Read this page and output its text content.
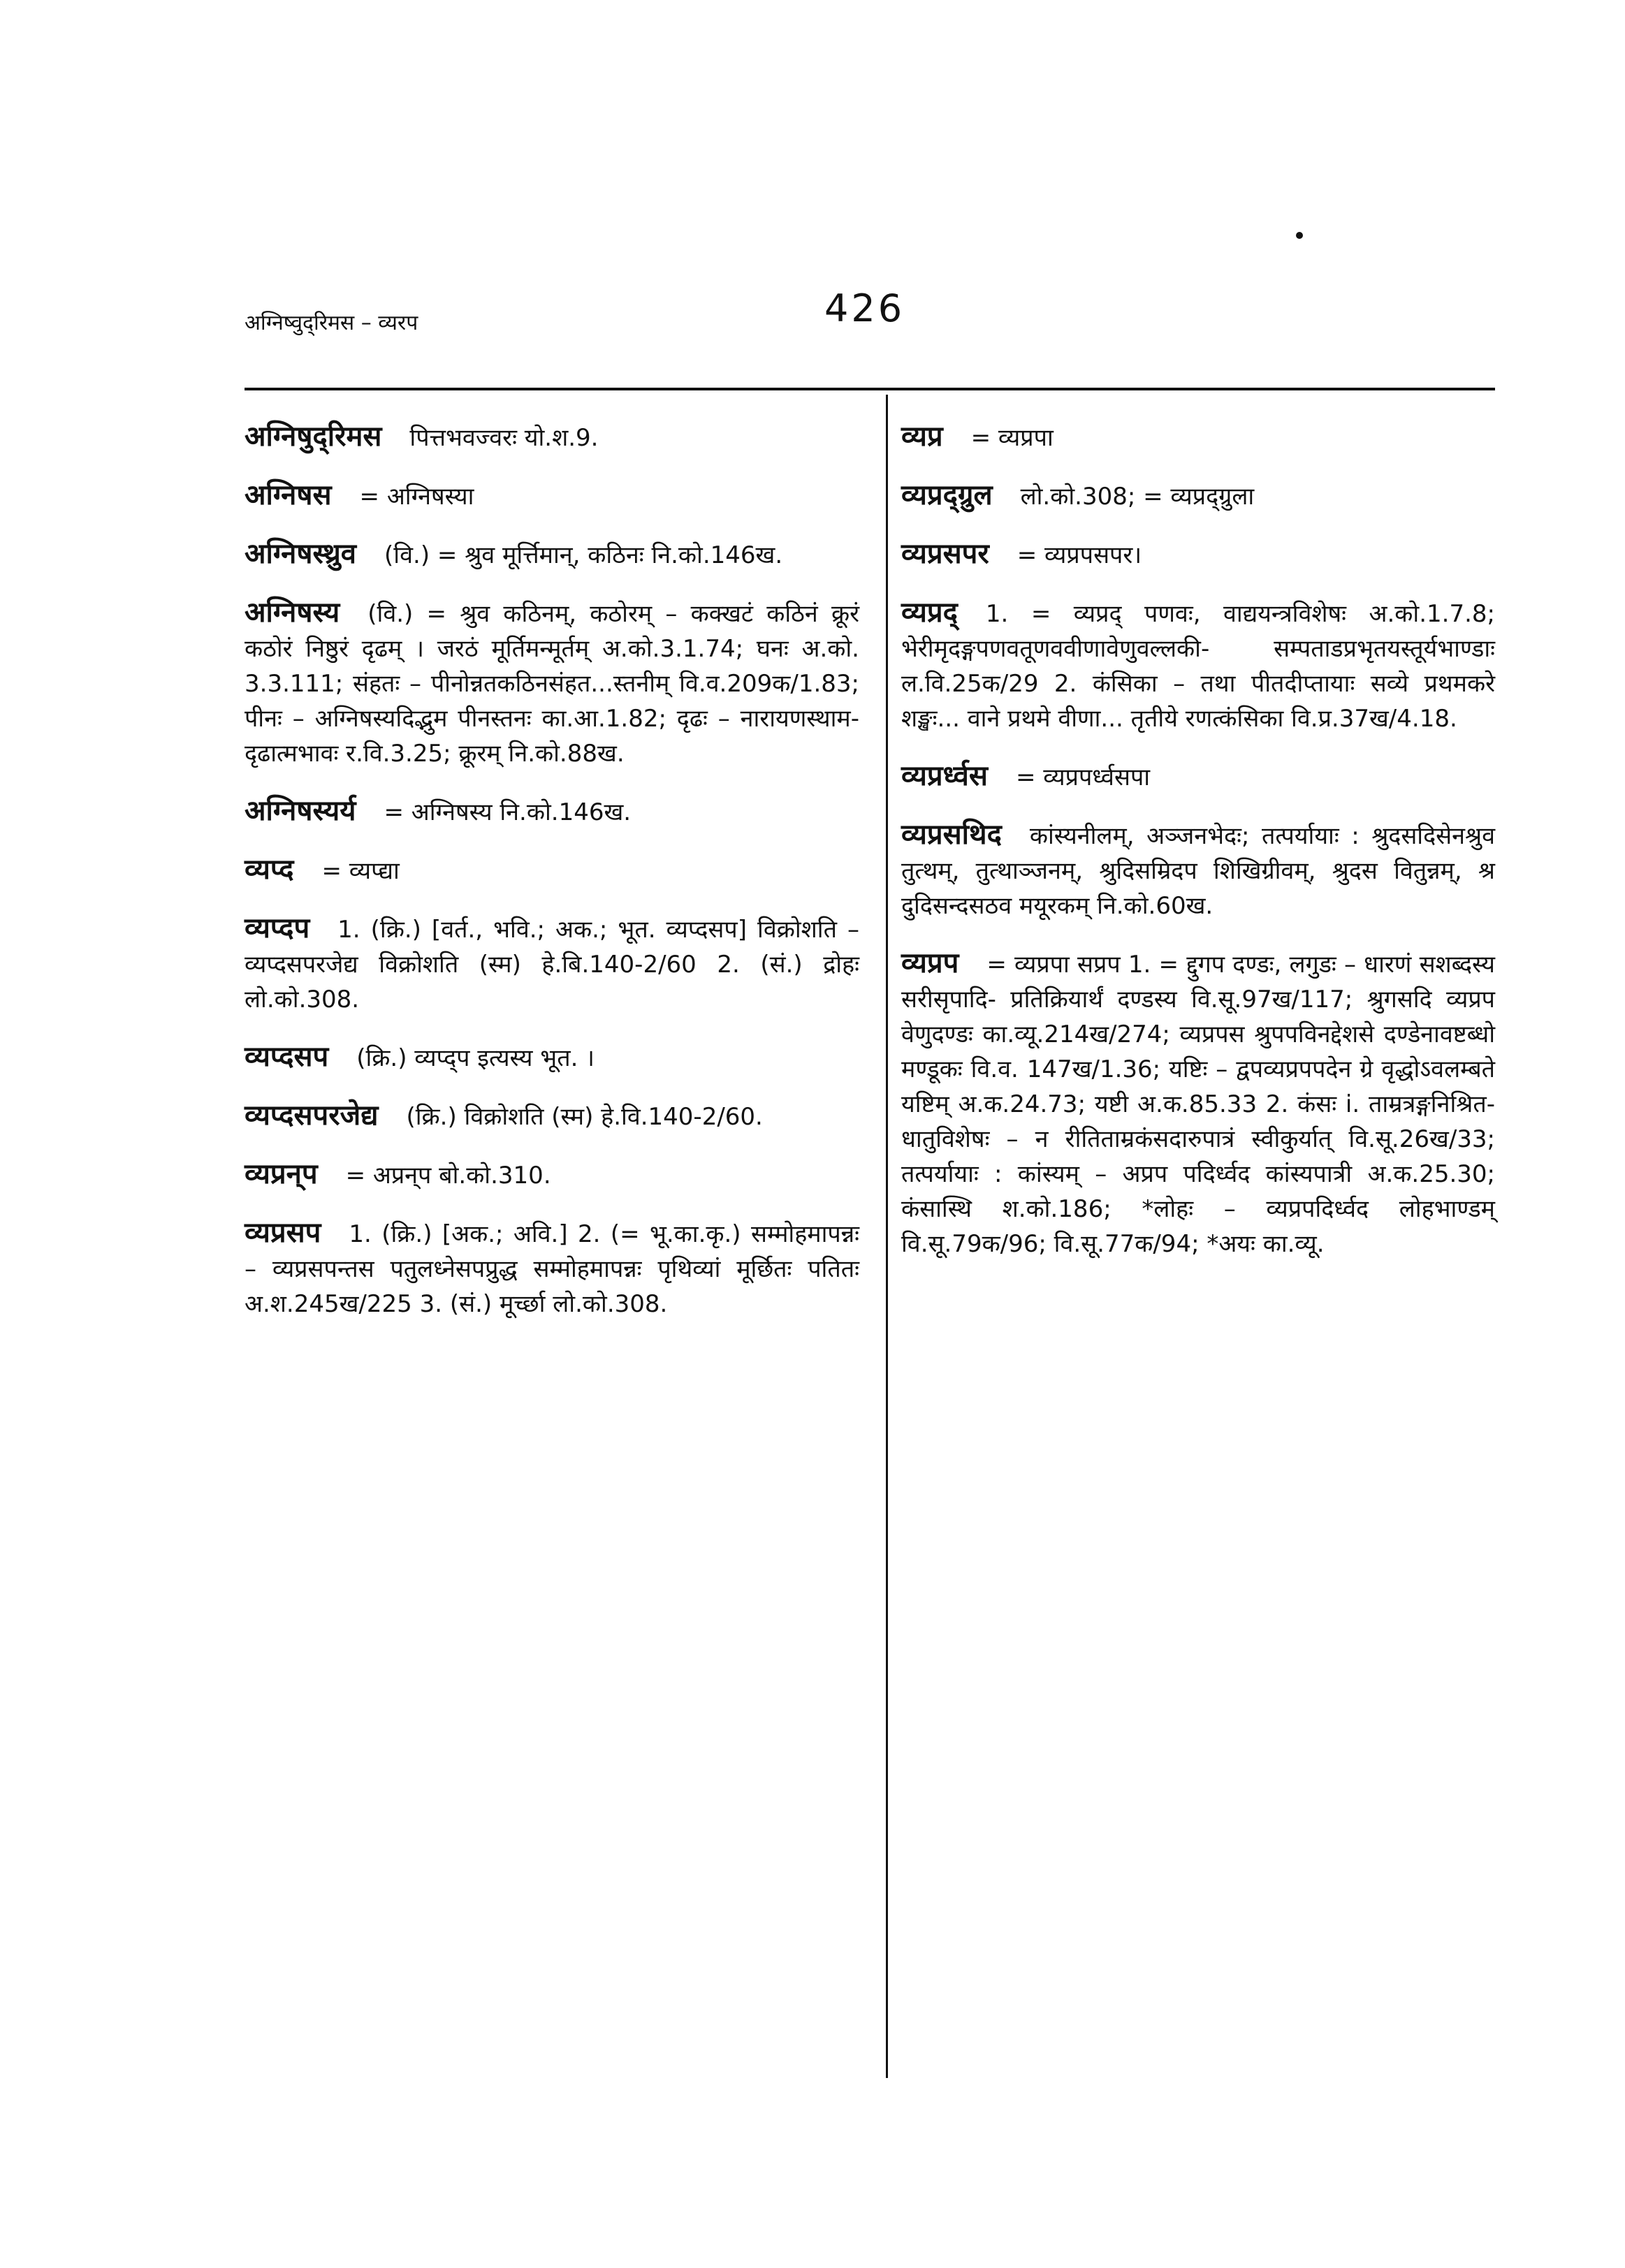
अग्निष्वुद्‌रिमस – व्यरप	426
अग्निषुद्‌रिमस पित्तभवज्वरः यो.श.9.
अग्निषस = अग्निषस्या
अग्निषस्थ्रुव (वि.) = श्रुव मूर्त्तिमान्, कठिनः नि.को.146ख.
अग्निषस्य (वि.) = श्रुव कठिनम्, कठोरम् – कक्खटं कठिनं क्रूरं कठोरं निष्ठुरं दृढम् । जरठं मूर्तिमन्मूर्तम् अ.को.3.1.74; घनः अ.को. 3.3.111; संहतः – पीनोन्नतकठिनसंहत...स्तनीम् वि.व.209क/1.83; पीनः – अग्निषस्यदि‍द्भुम पीनस्तनः का.आ.1.82; दृढः – नारायणस्थाम- दृढात्मभावः र.वि.3.25; क्रूरम् नि.को.88ख.
अग्निषस्य‍र्य = अग्निषस्य नि.को.146ख.
व्यप्द = व्यप्द्या
व्यप्दप 1. (क्रि.) [वर्त., भवि.; अक.; भूत. व्यप्दसप] विक्रोशति – व्यप्दसप‌रजेद्य विक्रोशति (स्म) हे.बि.140-2/60 2. (सं.) द्रोहः लो.को.308.
व्यप्दसप (क्रि.) व्यप्द्प इत्यस्य भूत. ।
व्यप्दसपरजेद्य (क्रि.) विक्रोशति (स्म) हे.वि.140-2/60.
व्यप्रन्‌प = अप्रन्‌प बो.को.310.
व्यप्रसप 1. (क्रि.) [अक.; अवि.] 2. (= भू.का.कृ.) सम्मोहमापन्नः – व्यप्रसपन्तस पतुलध्नेसपप्रुद्ध सम्मोहमापन्नः पृथिव्यां मूर्छितः पतितः अ.श.245ख/225 3. (सं.) मूर्च्छा लो.को.308.
व्यप्र = व्यप्रपा
व्यप्रद्‌ग्रुल लो.को.308; = व्यप्रद्‌ग्रुला
व्यप्रसपर = व्यप्रपसपर।
व्यप्रद्‌ 1. = व्यप्रद्‌ पणवः, वाद्ययन्त्रविशेषः अ.को.1.7.8; भेरीमृदङ्गपणवतूणववीणावेणुवल्लकी- सम्पताडप्रभृतयस्तूर्यभाण्डाः ल.वि.25क/29 2. कंसिका – तथा पीतदीप्तायाः सव्ये प्रथमकरे शङ्खः... वाने प्रथमे वीणा... तृतीये रणत्कंसिका वि.प्र.37ख/4.18.
व्यप्रर्ध्वस = व्यप्रपर्ध्वसपा
व्यप्रसथिद कांस्यनीलम्, अञ्जनभेदः; तत्पर्यायाः : श्रुदसदिसेनश्रुव तुत्थम्, तुत्थाञ्जनम्, श्रुदिसम्रिदप शिखिग्रीवम्, श्रुदस वितुन्नम्, श्र दुदिसन्दसठव मयूरकम् नि.को.60ख.
व्यप्रप = व्यप्रपा सप्रप 1. = द्दुगप दण्डः, लगुडः – धारणं सशब्दस्य सरीसृपादि- प्रतिक्रियार्थं दण्डस्य वि.सू.97ख/117; श्रुगसदि व्यप्रप वेणुदण्डः का.व्यू.214ख/274; व्यप्रपस श्रुपपविनद्देशसे दण्डेनावष्टब्धो मण्डूकः वि.व. 147ख/1.36; यष्टिः – द्वपव्यप्रपपदेन ग्रे वृद्धोऽवलम्बते यष्टिम् अ.क.24.73; यष्टी अ.क.85.33 2. कंसः i. ताम्रत्रङ्गनिश्रित- धातुविशेषः – न रीतिताम्रकंसदारुपात्रं स्वीकुर्यात् वि.सू.26ख/33; तत्पर्यायाः : कांस्यम् – अप्रप पदिर्ध्वद कांस्यपात्री अ.क.25.30; कंसास्थि श.को.186; *लोहः – व्यप्रपदिर्ध्वद लोहभाण्डम् वि.सू.79क/96; वि.सू.77क/94; *अयः का.व्यू.
